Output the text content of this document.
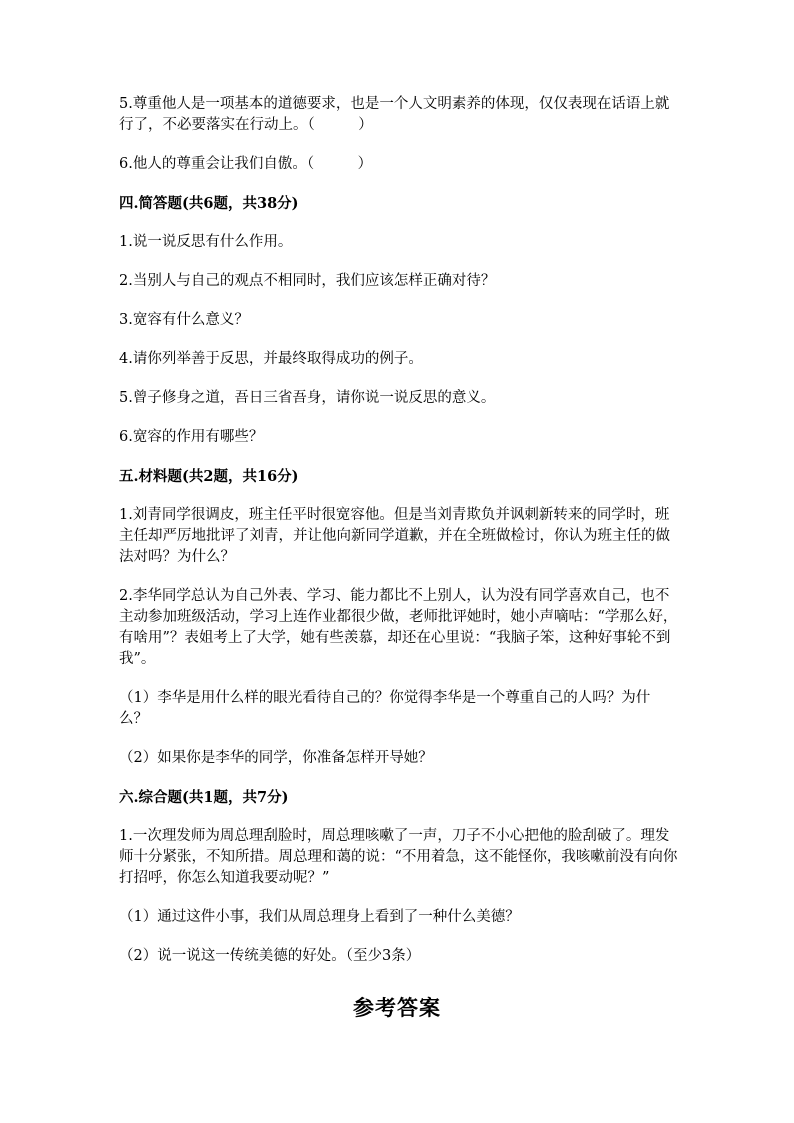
5.尊重他人是一项基本的道德要求，也是一个人文明素养的体现，仅仅表现在话语上就行了，不必要落实在行动上。（　　　）

6.他人的尊重会让我们自傲。（　　　）

四.简答题(共6题，共38分)

1.说一说反思有什么作用。

2.当别人与自己的观点不相同时，我们应该怎样正确对待？

3.宽容有什么意义？

4.请你列举善于反思，并最终取得成功的例子。

5.曾子修身之道，吾日三省吾身，请你说一说反思的意义。

6.宽容的作用有哪些？

五.材料题(共2题，共16分)

1.刘青同学很调皮，班主任平时很宽容他。但是当刘青欺负并讽刺新转来的同学时，班主任却严厉地批评了刘青，并让他向新同学道歉，并在全班做检讨，你认为班主任的做法对吗？为什么？

2.李华同学总认为自己外表、学习、能力都比不上别人，认为没有同学喜欢自己，也不主动参加班级活动，学习上连作业都很少做，老师批评她时，她小声嘀咕：“学那么好，有啥用”？表姐考上了大学，她有些羡慕，却还在心里说：“我脑子笨，这种好事轮不到我”。

（1）李华是用什么样的眼光看待自己的？你觉得李华是一个尊重自己的人吗？为什么？

（2）如果你是李华的同学，你准备怎样开导她？

六.综合题(共1题，共7分)

1.一次理发师为周总理刮脸时，周总理咳嗽了一声，刀子不小心把他的脸刮破了。理发师十分紧张，不知所措。周总理和蔼的说：“不用着急，这不能怪你，我咳嗽前没有向你打招呼，你怎么知道我要动呢？”

（1）通过这件小事，我们从周总理身上看到了一种什么美德？

（2）说一说这一传统美德的好处。（至少3条）

参考答案
